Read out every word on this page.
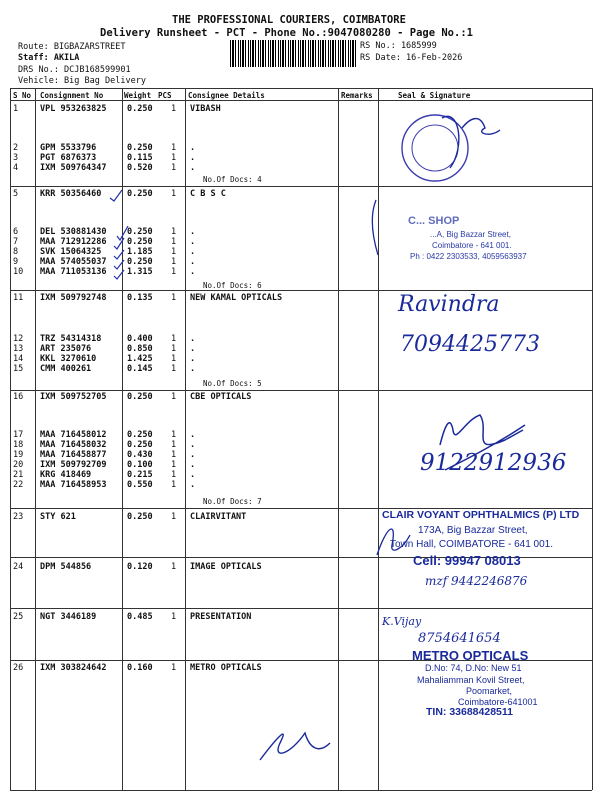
THE PROFESSIONAL COURIERS, COIMBATORE
Delivery Runsheet - PCT - Phone No.:9047080280 - Page No.:1
Route: BIGBAZARSTREET
Staff: AKILA
DRS No.: DCJB168599901
Vehicle: Big Bag Delivery
RS No.: 1685999
RS Date: 16-Feb-2026
S No Consignment No	Weight PCS Consignee Details	Remarks	Seal & Signature
1	VPL 953263825 0.250 1 VIBASH
2	GPM 5533796	0.250 1 .
3	PGT 6876373	0.115 1 .
4	IXM 509764347 0.520 1 .
5	KRR 50356460	0.250 1 C B S C
6	DEL 530881430 0.250 1 .
7	MAA 712912286 0.250 1 .
8	SVK 15064325	1.185 1 .
9	MAA 574055037 0.250 1 .
10 MAA 711053136 1.315 1 .
11 IXM 509792748 0.135 1 NEW KAMAL OPTICALS
12 TRZ 54314318	0.400 1 .
13 ART 235076	0.850 1 .
14 KKL 3270610	1.425 1 .
15 CMM 400261	0.145 1 .
16 IXM 509752705 0.250 1 CBE OPTICALS
17 MAA 716458012 0.250 1 .
18 MAA 716458032 0.250 1 .
19 MAA 716458877 0.430 1 .
20 IXM 509792709 0.100 1 .
21 KRG 418469	0.215 1 .
22 MAA 716458953 0.550 1 .
23 STY 621	0.250 1 CLAIRVITANT
24 DPM 544856	0.120 1 IMAGE OPTICALS
25 NGT 3446189	0.485 1 PRESENTATION
26 IXM 303824642 0.160 1 METRO OPTICALS
No.Of Docs: 4
No.Of Docs: 6
No.Of Docs: 5
No.Of Docs: 7
C... SHOP
...A, Big Bazzar Street,
Coimbatore - 641 001.
Ph : 0422 2303533, 4059563937
Ravindra
7094425773
9122912936
CLAIR VOYANT OPHTHALMICS (P) LTD
173A, Big Bazzar Street,
Town Hall, COIMBATORE - 641 001.
Cell: 99947 08013
mzf 9442246876
K.Vijay
8754641654
METRO OPTICALS
D.No: 74, D.No: New 51
Mahaliamman Kovil Street,
Poomarket,
Coimbatore-641001
TIN: 33688428511
